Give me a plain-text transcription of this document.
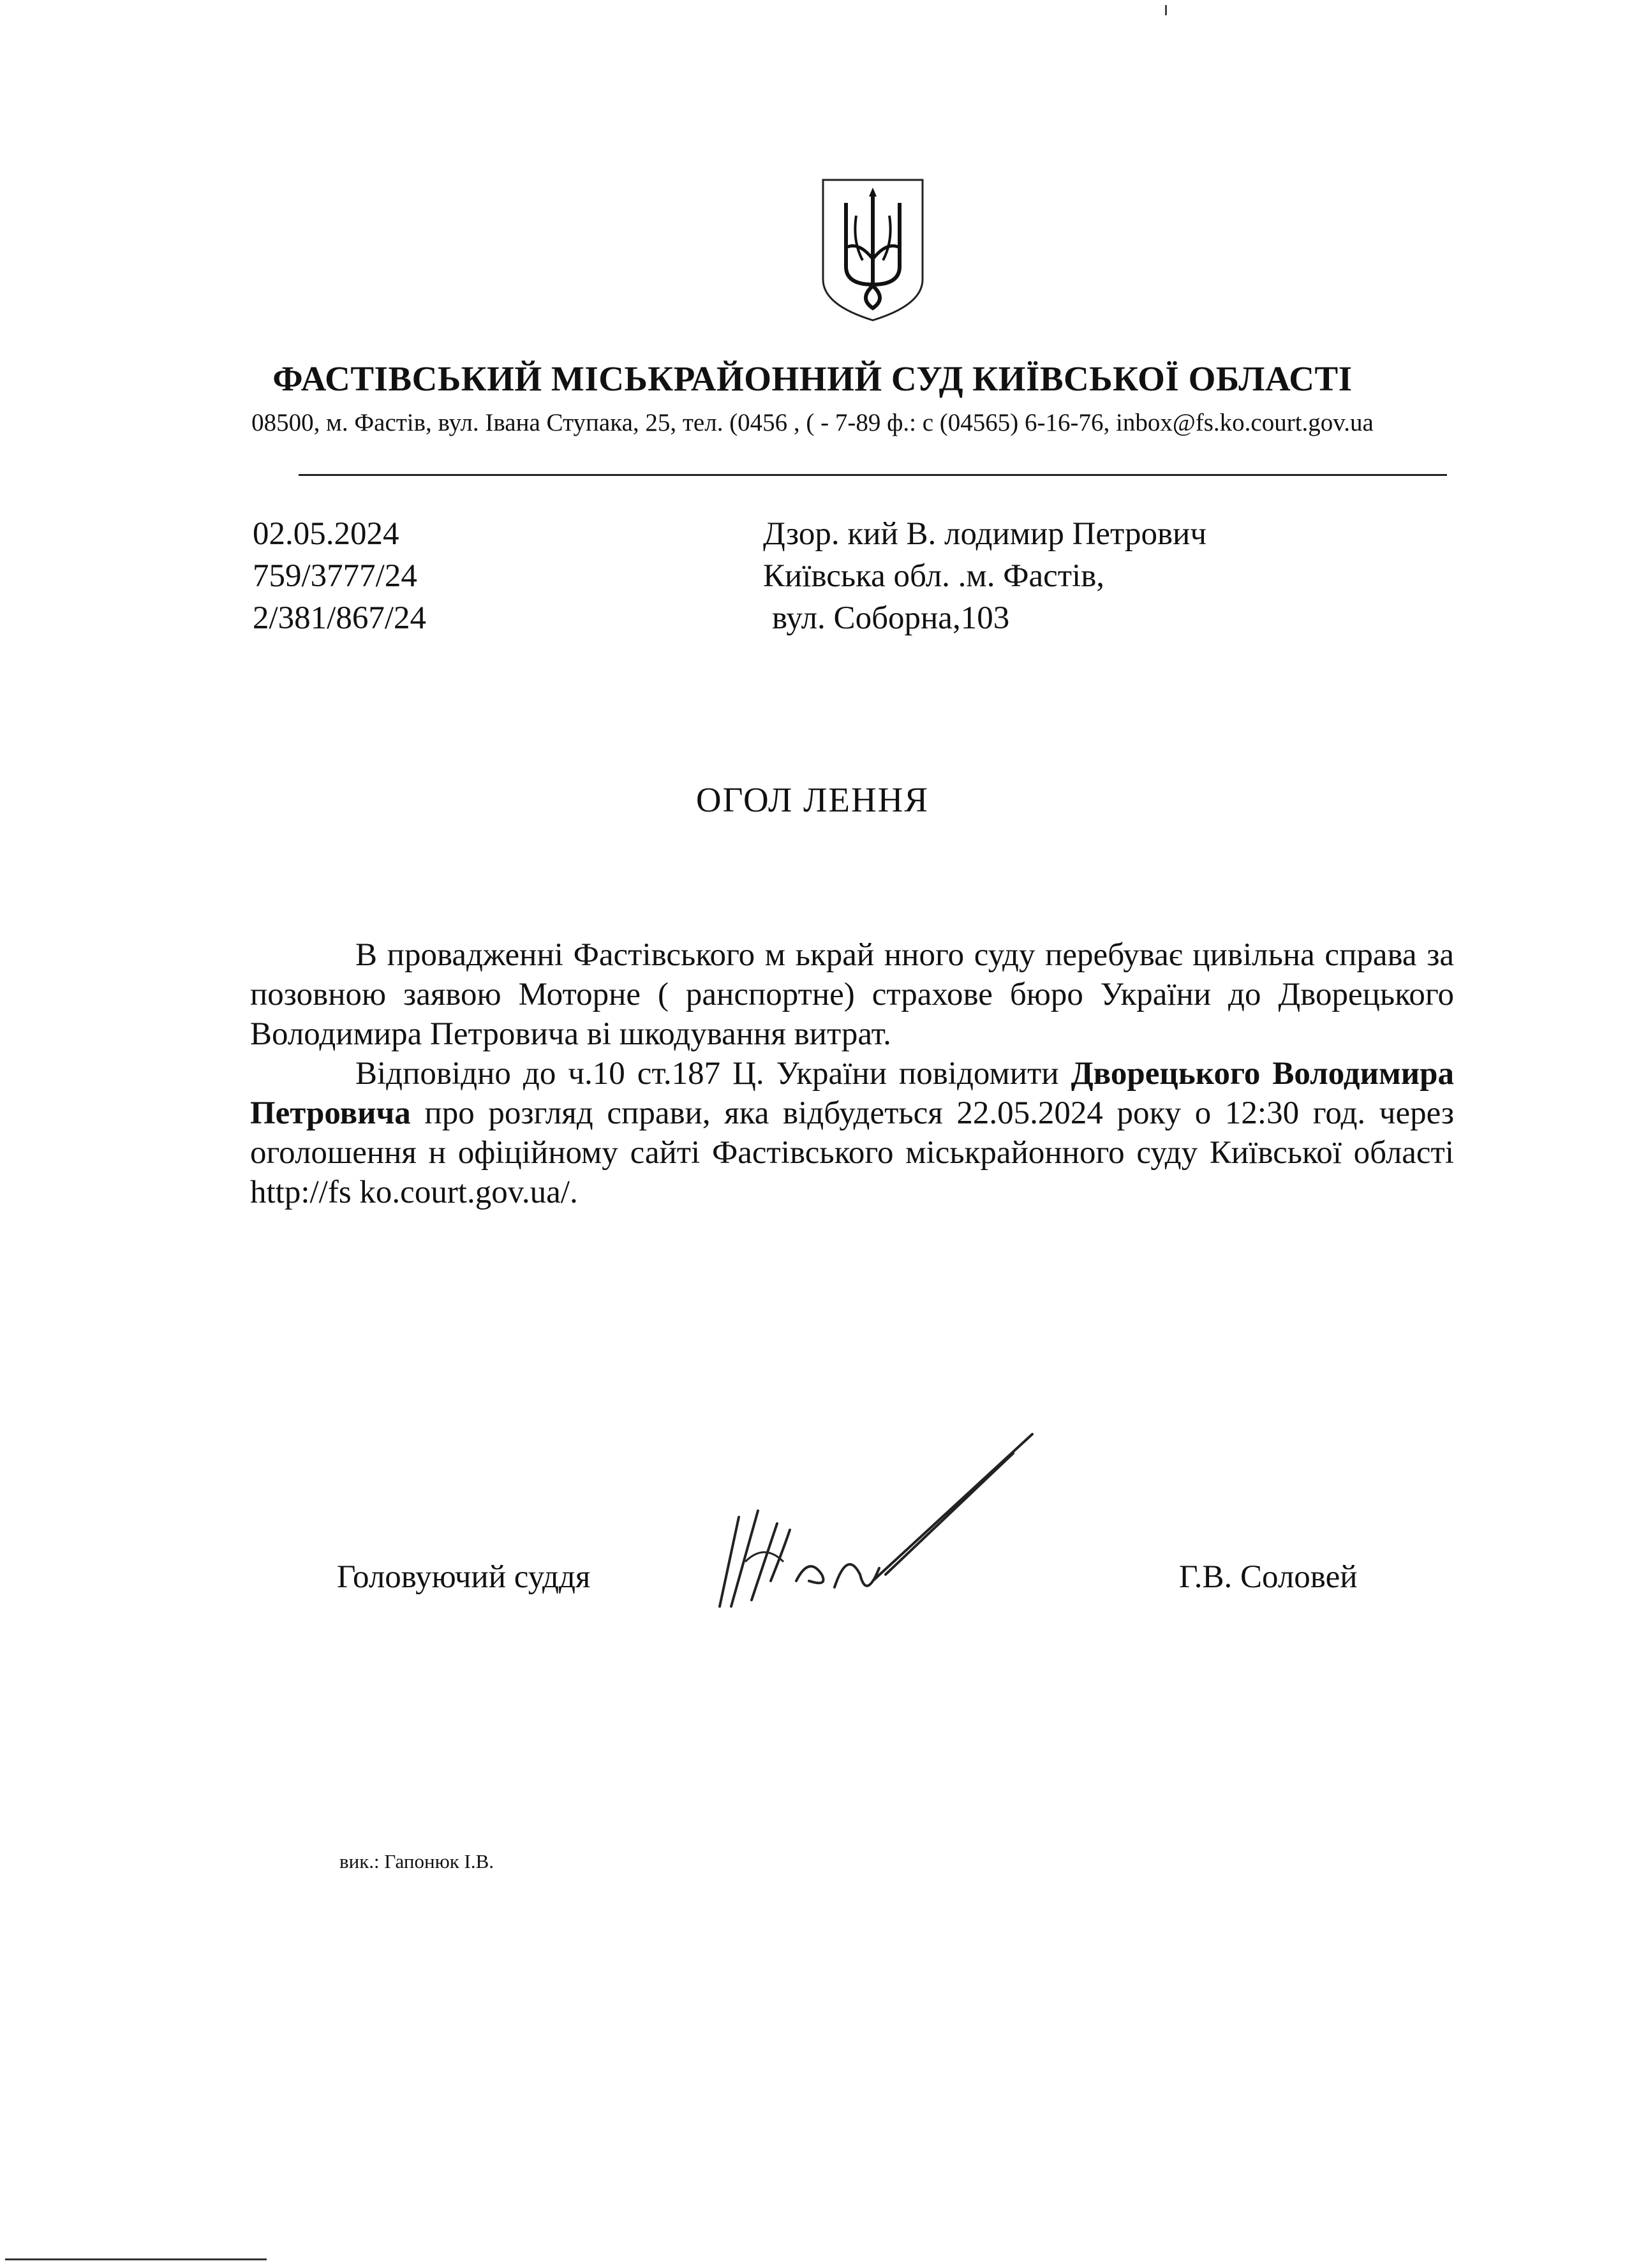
ФАСТІВСЬКИЙ МІСЬКРАЙОННИЙ СУД КИЇВСЬКОЇ ОБЛАСТІ
08500, м. Фастів, вул. Івана Ступака, 25, тел. (0456 , ( - 7-89 ф.: с (04565) 6-16-76, inbox@fs.ko.court.gov.ua
02.05.2024
759/3777/24
2/381/867/24
Дзор. кий В. лодимир Петрович
Київська обл. .м. Фастів,
вул. Соборна,103
ОГОЛ ЛЕННЯ

В провадженні Фастівського м ькрай нного суду перебуває цивільна справа за позовною заявою Моторне ( ранспортне) страхове бюро України до Дворецького Володимира Петровича ві шкодування витрат.

Відповідно до ч.10 ст.187 Ц. України повідомити Дворецького Володимира Петровича про розгляд справи, яка відбудеться 22.05.2024 року о 12:30 год. через оголошення н офіційному сайті Фастівського міськрайонного суду Київської області http://fs ko.court.gov.ua/.

Головуючий суддя	Г.В. Соловей
вик.: Гапонюк І.В.
